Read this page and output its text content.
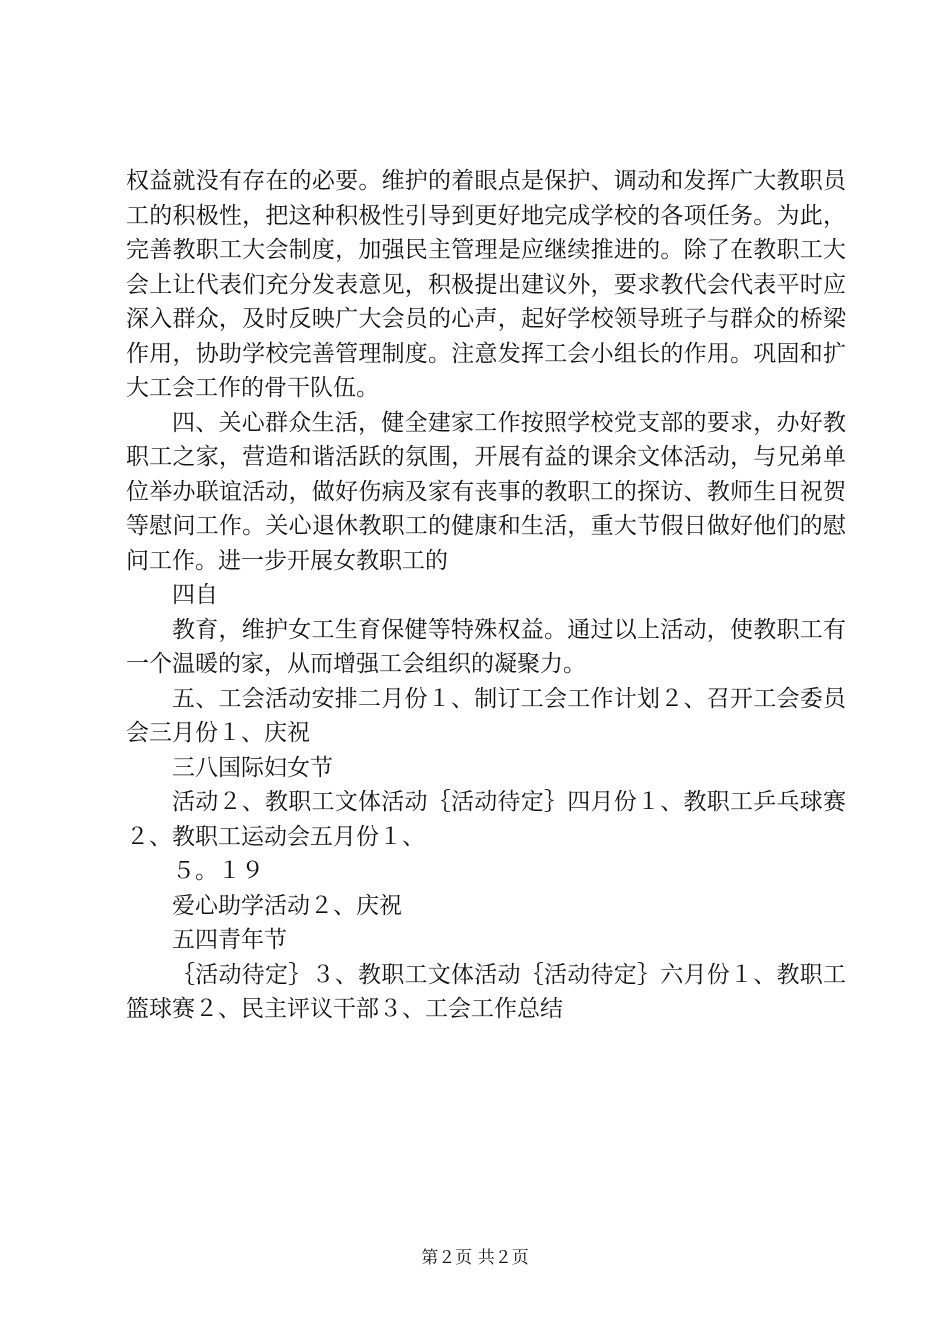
权益就没有存在的必要。维护的着眼点是保护、调动和发挥广大教职员工的积极性，把这种积极性引导到更好地完成学校的各项任务。为此，完善教职工大会制度，加强民主管理是应继续推进的。除了在教职工大会上让代表们充分发表意见，积极提出建议外，要求教代会代表平时应深入群众，及时反映广大会员的心声，起好学校领导班子与群众的桥梁作用，协助学校完善管理制度。注意发挥工会小组长的作用。巩固和扩大工会工作的骨干队伍。

四、关心群众生活，健全建家工作按照学校党支部的要求，办好教职工之家，营造和谐活跃的氛围，开展有益的课余文体活动，与兄弟单位举办联谊活动，做好伤病及家有丧事的教职工的探访、教师生日祝贺等慰问工作。关心退休教职工的健康和生活，重大节假日做好他们的慰问工作。进一步开展女教职工的

四自

教育，维护女工生育保健等特殊权益。通过以上活动，使教职工有一个温暖的家，从而增强工会组织的凝聚力。

五、工会活动安排二月份１、制订工会工作计划２、召开工会委员会三月份１、庆祝

三八国际妇女节

活动２、教职工文体活动｛活动待定｝四月份１、教职工乒乓球赛２、教职工运动会五月份１、

５。１９

爱心助学活动２、庆祝

五四青年节

｛活动待定｝３、教职工文体活动｛活动待定｝六月份１、教职工篮球赛２、民主评议干部３、工会工作总结

第２页 共２页
